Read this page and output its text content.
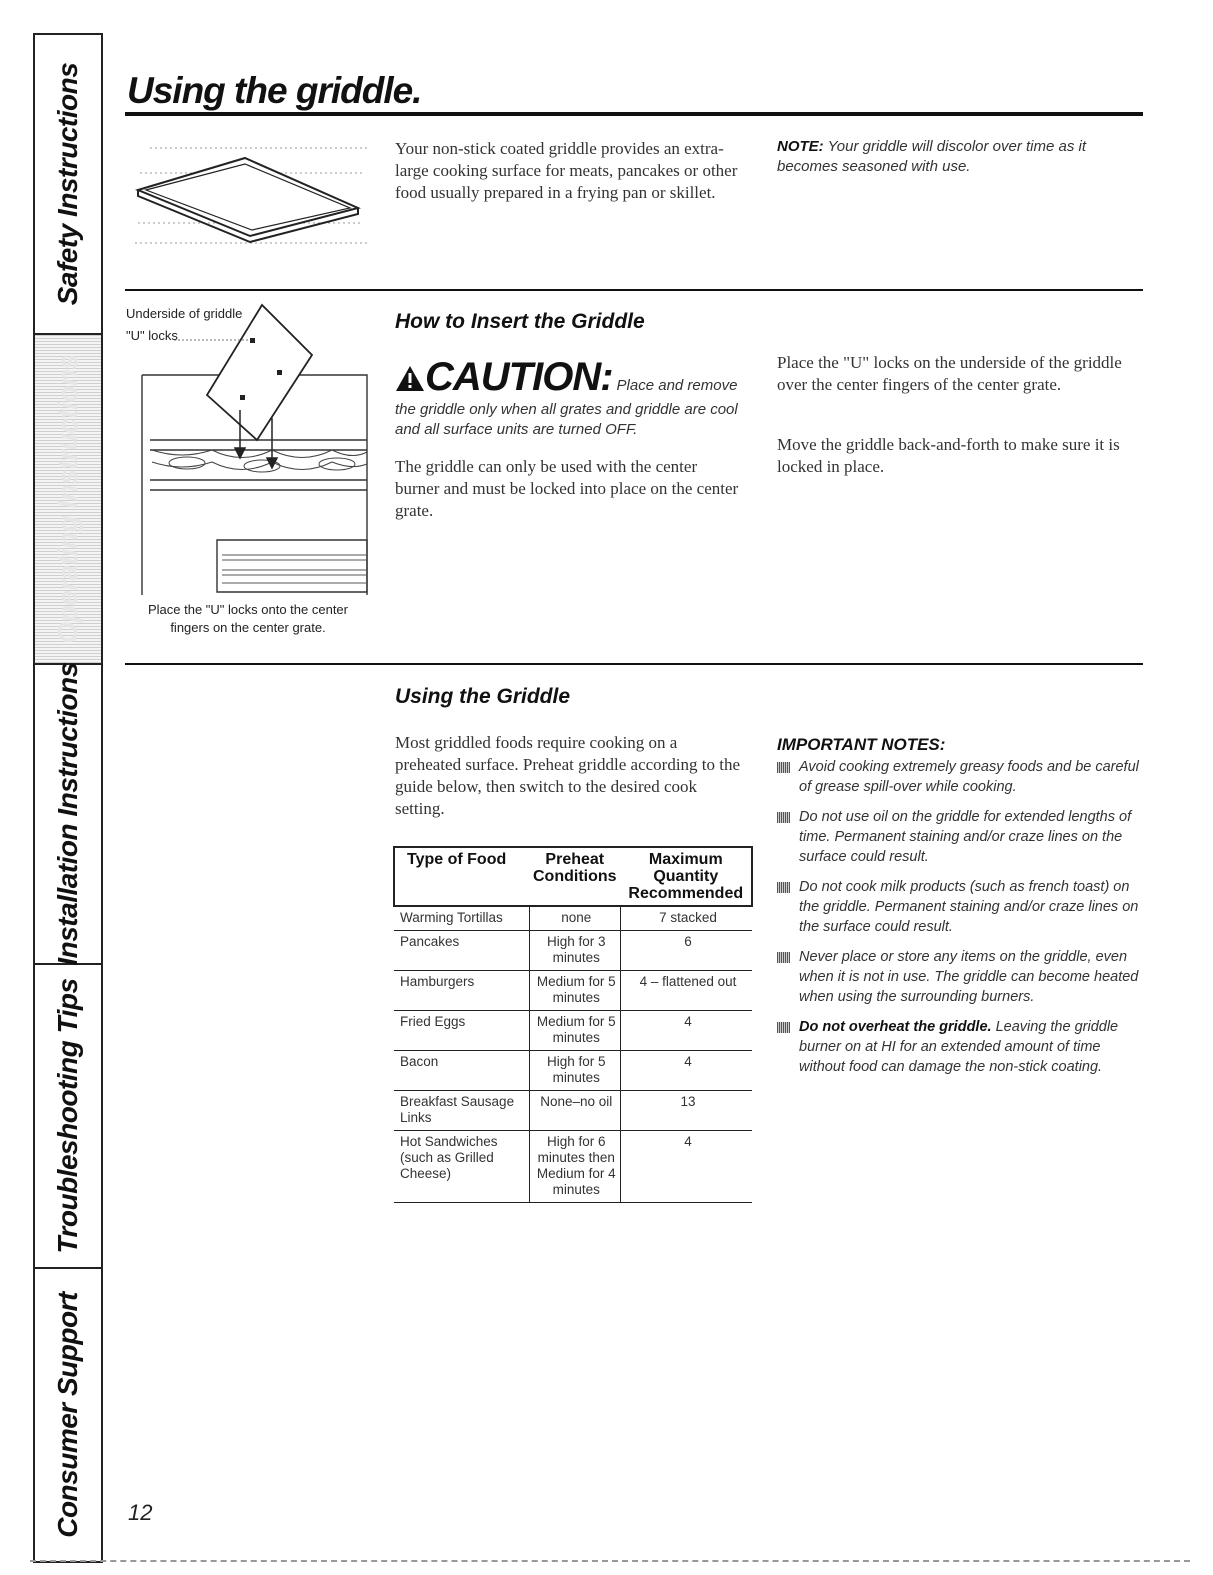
Safety Instructions
Operating Instructions
Installation Instructions
Troubleshooting Tips
Consumer Support
Using the griddle.

Your non-stick coated griddle provides an extra-large cooking surface for meats, pancakes or other food usually prepared in a frying pan or skillet.

NOTE: Your griddle will discolor over time as it becomes seasoned with use.

Underside of griddle
"U" locks
Place the "U" locks onto the center
fingers on the center grate.
How to Insert the Griddle
CAUTION: Place and remove the griddle only when all grates and griddle are cool and all surface units are turned OFF.

The griddle can only be used with the center burner and must be locked into place on the center grate.

Place the "U" locks on the underside of the griddle over the center fingers of the center grate.

Move the griddle back-and-forth to make sure it is locked in place.

Using the Griddle

Most griddled foods require cooking on a preheated surface. Preheat griddle according to the guide below, then switch to the desired cook setting.

Type of Food	Preheat Conditions	Maximum Quantity Recommended
Warming Tortillas	none	7 stacked
Pancakes	High for 3 minutes	6
Hamburgers	Medium for 5 minutes	4 – flattened out
Fried Eggs	Medium for 5 minutes	4
Bacon	High for 5 minutes	4
Breakfast Sausage Links	None–no oil	13
Hot Sandwiches (such as Grilled Cheese)	High for 6 minutes then Medium for 4 minutes	4
IMPORTANT NOTES:
Avoid cooking extremely greasy foods and be careful of grease spill-over while cooking.
Do not use oil on the griddle for extended lengths of time. Permanent staining and/or craze lines on the surface could result.
Do not cook milk products (such as french toast) on the griddle. Permanent staining and/or craze lines on the surface could result.
Never place or store any items on the griddle, even when it is not in use. The griddle can become heated when using the surrounding burners.
Do not overheat the griddle. Leaving the griddle burner on at HI for an extended amount of time without food can damage the non-stick coating.
12
